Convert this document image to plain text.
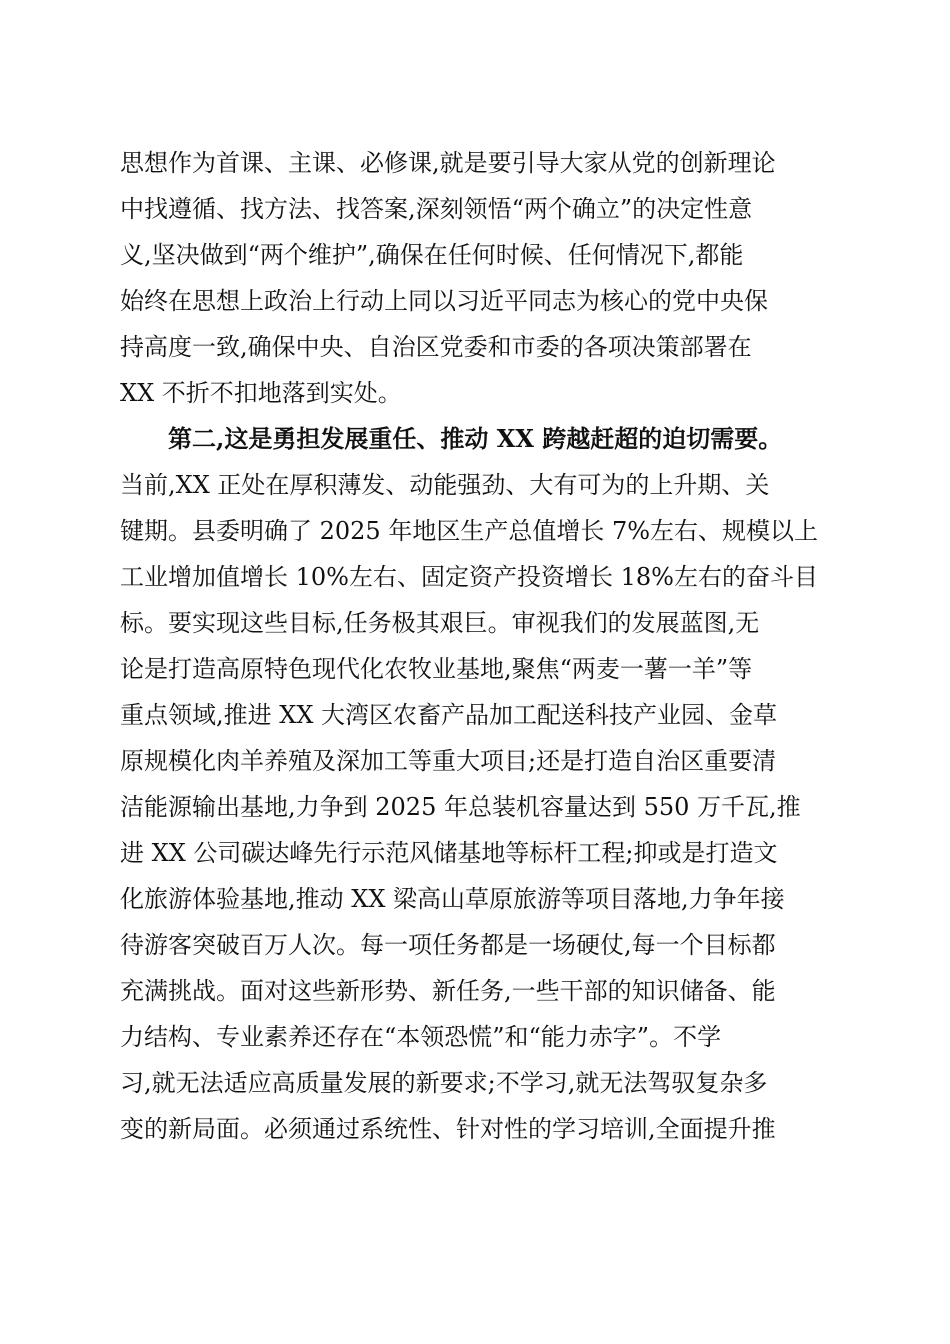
思想作为首课、主课、必修课,就是要引导大家从党的创新理论
中找遵循、找方法、找答案,深刻领悟“两个确立”的决定性意
义,坚决做到“两个维护”,确保在任何时候、任何情况下,都能
始终在思想上政治上行动上同以习近平同志为核心的党中央保
持高度一致,确保中央、自治区党委和市委的各项决策部署在
XX 不折不扣地落到实处。
第二,这是勇担发展重任、推动 XX 跨越赶超的迫切需要。
当前,XX 正处在厚积薄发、动能强劲、大有可为的上升期、关
键期。县委明确了 2025 年地区生产总值增长 7%左右、规模以上
工业增加值增长 10%左右、固定资产投资增长 18%左右的奋斗目
标。要实现这些目标,任务极其艰巨。审视我们的发展蓝图,无
论是打造高原特色现代化农牧业基地,聚焦“两麦一薯一羊”等
重点领域,推进 XX 大湾区农畜产品加工配送科技产业园、金草
原规模化肉羊养殖及深加工等重大项目;还是打造自治区重要清
洁能源输出基地,力争到 2025 年总装机容量达到 550 万千瓦,推
进 XX 公司碳达峰先行示范风储基地等标杆工程;抑或是打造文
化旅游体验基地,推动 XX 梁高山草原旅游等项目落地,力争年接
待游客突破百万人次。每一项任务都是一场硬仗,每一个目标都
充满挑战。面对这些新形势、新任务,一些干部的知识储备、能
力结构、专业素养还存在“本领恐慌”和“能力赤字”。不学
习,就无法适应高质量发展的新要求;不学习,就无法驾驭复杂多
变的新局面。必须通过系统性、针对性的学习培训,全面提升推
